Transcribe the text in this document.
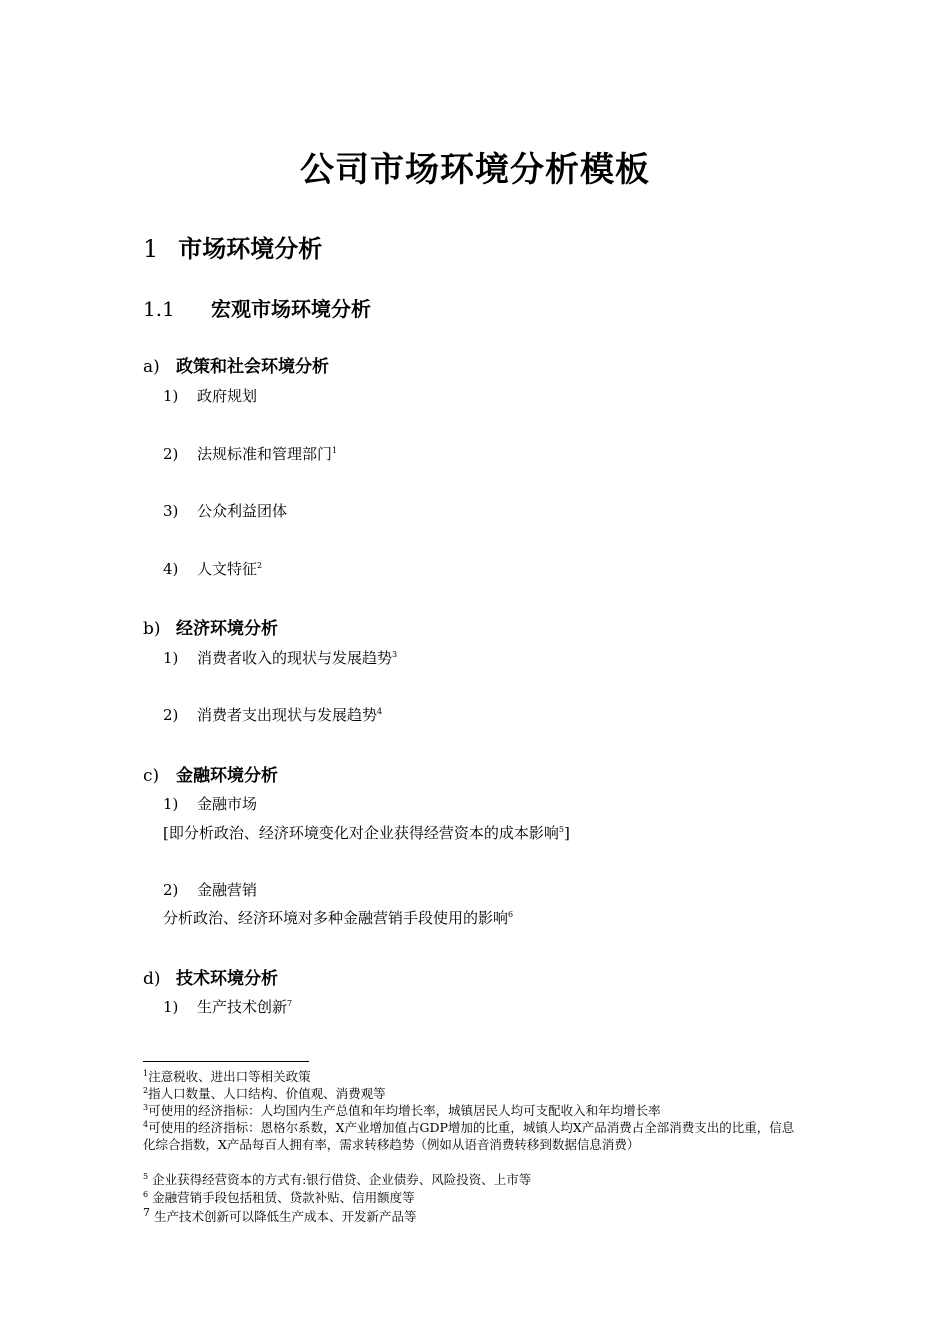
公司市场环境分析模板
1 市场环境分析
1.1 宏观市场环境分析
a) 政策和社会环境分析
1) 政府规划
2) 法规标准和管理部门$^1$
3) 公众利益团体
4) 人文特征$^2$
b) 经济环境分析
1) 消费者收入的现状与发展趋势$^3$
2) 消费者支出现状与发展趋势$^4$
c) 金融环境分析
1) 金融市场
[即分析政治、经济环境变化对企业获得经营资本的成本影响$^5$]
2) 金融营销
分析政治、经济环境对多种金融营销手段使用的影响$^6$
d) 技术环境分析
1) 生产技术创新$^7$
$^1$注意税收、进出口等相关政策
$^2$指人口数量、人口结构、价值观、消费观等
$^3$可使用的经济指标：人均国内生产总值和年均增长率，城镇居民人均可支配收入和年均增长率
$^4$可使用的经济指标：恩格尔系数，X产业增加值占GDP增加的比重，城镇人均X产品消费占全部消费支出的比重，信息化综合指数，X产品每百人拥有率，需求转移趋势（例如从语音消费转移到数据信息消费）
$^5$ 企业获得经营资本的方式有:银行借贷、企业债券、风险投资、上市等
$^6$ 金融营销手段包括租赁、贷款补贴、信用额度等
$^7$ 生产技术创新可以降低生产成本、开发新产品等
